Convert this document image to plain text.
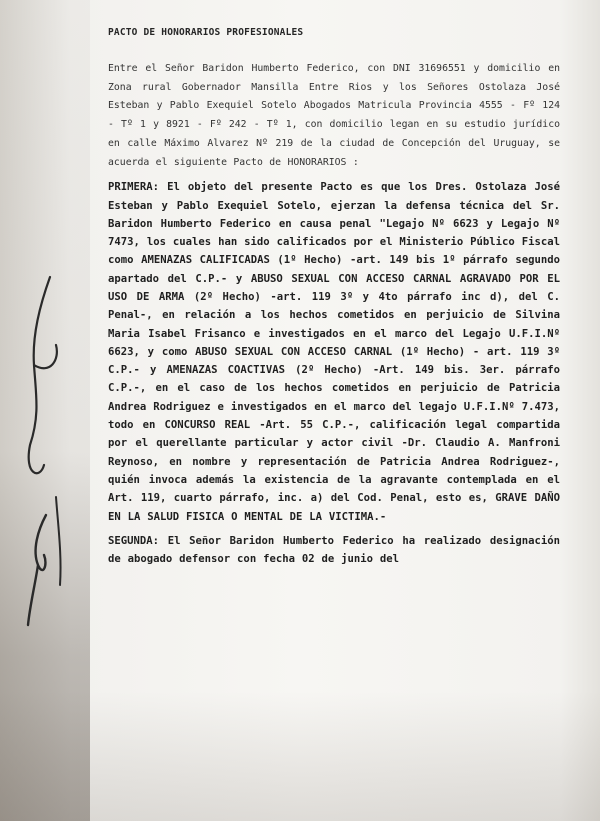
PACTO DE HONORARIOS PROFESIONALES

Entre el Señor Baridon Humberto Federico, con DNI 31696551 y domicilio en Zona rural Gobernador Mansilla Entre Rios y los Señores Ostolaza José Esteban y Pablo Exequiel Sotelo Abogados Matricula Provincia 4555 - Fº 124 - Tº 1 y 8921 - Fº 242 - Tº 1, con domicilio legan en su estudio jurídico en calle Máximo Alvarez Nº 219 de la ciudad de Concepción del Uruguay, se acuerda el siguiente Pacto de HONORARIOS :

PRIMERA: El objeto del presente Pacto es que los Dres. Ostolaza José Esteban y Pablo Exequiel Sotelo, ejerzan la defensa técnica del Sr. Baridon Humberto Federico en causa penal "Legajo Nº 6623 y Legajo Nº 7473, los cuales han sido calificados por el Ministerio Público Fiscal como AMENAZAS CALIFICADAS (1º Hecho) -art. 149 bis 1º párrafo segundo apartado del C.P.- y ABUSO SEXUAL CON ACCESO CARNAL AGRAVADO POR EL USO DE ARMA (2º Hecho) -art. 119 3º y 4to párrafo inc d), del C. Penal-, en relación a los hechos cometidos en perjuicio de Silvina Maria Isabel Frisanco e investigados en el marco del Legajo U.F.I.Nº 6623, y como ABUSO SEXUAL CON ACCESO CARNAL (1º Hecho) - art. 119 3º C.P.- y AMENAZAS COACTIVAS (2º Hecho) -Art. 149 bis. 3er. párrafo C.P.-, en el caso de los hechos cometidos en perjuicio de Patricia Andrea Rodriguez e investigados en el marco del legajo U.F.I.Nº 7.473, todo en CONCURSO REAL -Art. 55 C.P.-, calificación legal compartida por el querellante particular y actor civil -Dr. Claudio A. Manfroni Reynoso, en nombre y representación de Patricia Andrea Rodriguez-, quién invoca además la existencia de la agravante contemplada en el Art. 119, cuarto párrafo, inc. a) del Cod. Penal, esto es, GRAVE DAÑO EN LA SALUD FISICA O MENTAL DE LA VICTIMA.-

SEGUNDA: El Señor Baridon Humberto Federico ha realizado designación de abogado defensor con fecha 02 de junio del
